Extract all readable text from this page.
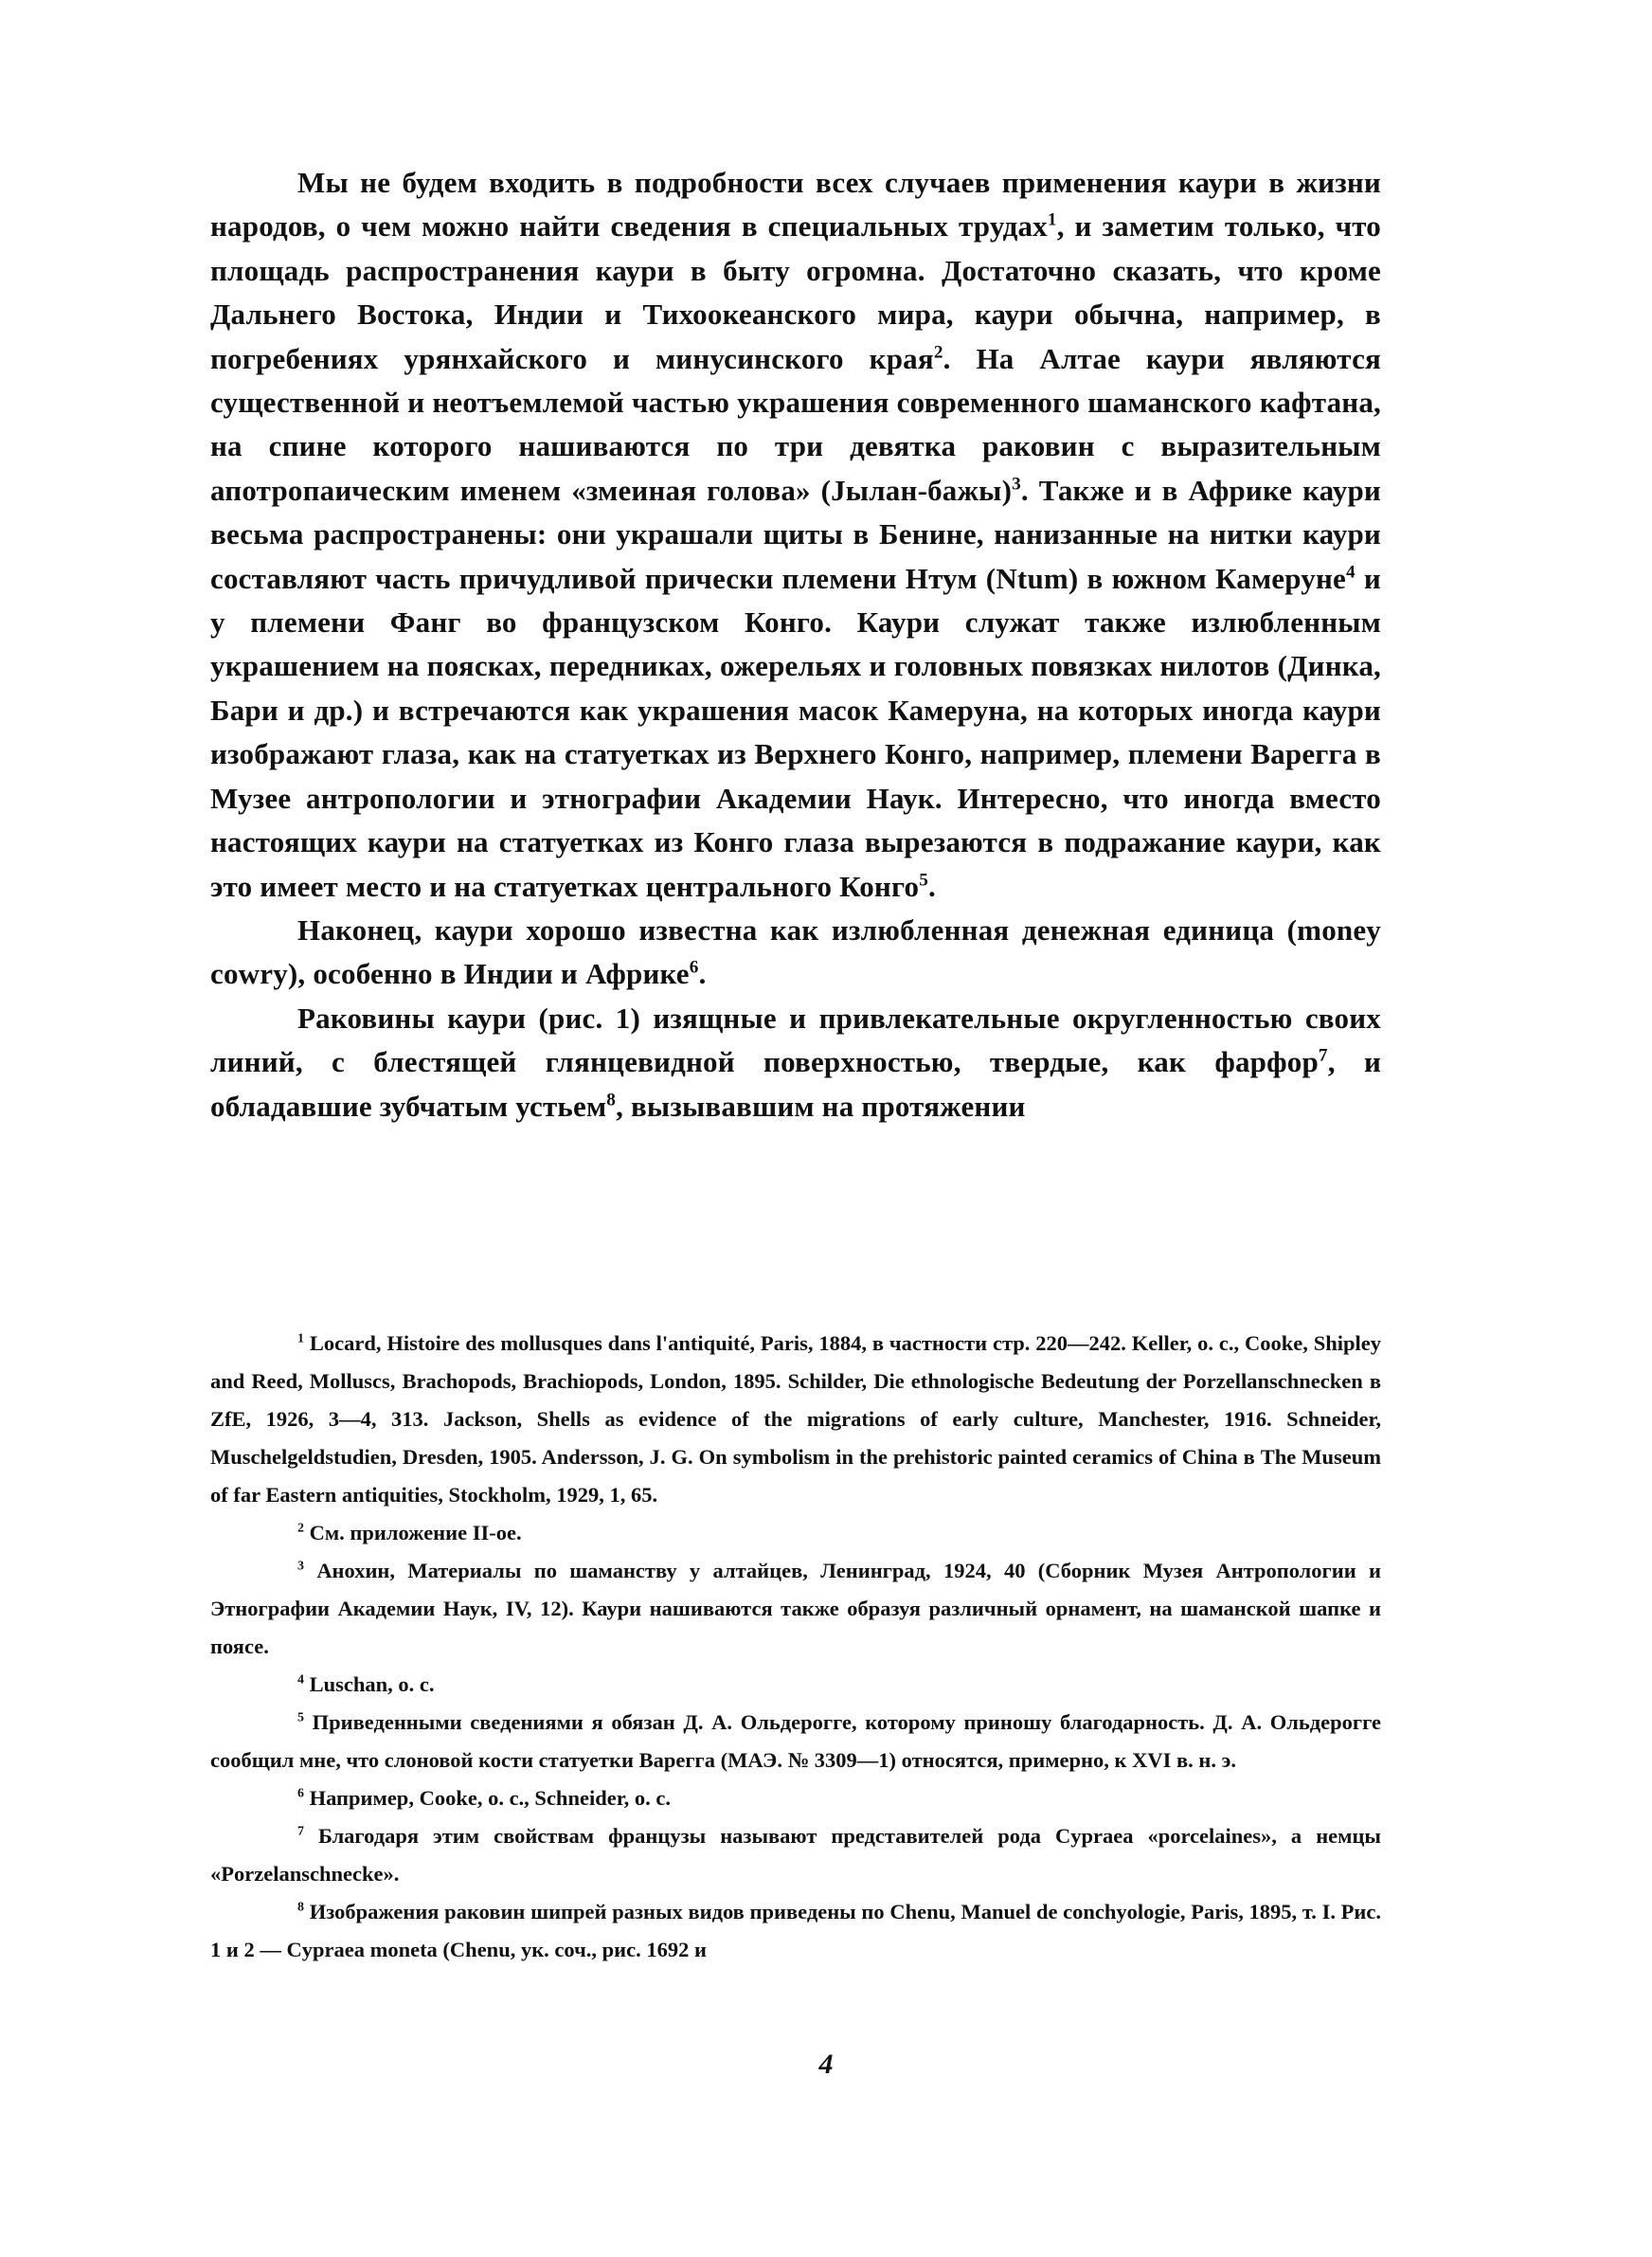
Мы не будем входить в подробности всех случаев применения каури в жизни народов, о чем можно найти сведения в специальных трудах$^1$, и заметим только, что площадь распространения каури в быту огромна. Достаточно сказать, что кроме Дальнего Востока, Индии и Тихоокеанского мира, каури обычна, например, в погребениях урянхайского и минусинского края$^2$. На Алтае каури являются существенной и неотъемлемой частью украшения современного шаманского кафтана, на спине которого нашиваются по три девятка раковин с выразительным апотропаическим именем «змеиная голова» (Jылан-бажы)$^3$. Также и в Африке каури весьма распространены: они украшали щиты в Бенине, нанизанные на нитки каури составляют часть причудливой прически племени Нтум (Ntum) в южном Камеруне$^4$ и у племени Фанг во французском Конго. Каури служат также излюбленным украшением на поясках, передниках, ожерельях и головных повязках нилотов (Динка, Бари и др.) и встречаются как украшения масок Камеруна, на которых иногда каури изображают глаза, как на статуетках из Верхнего Конго, например, племени Варегга в Музее антропологии и этнографии Академии Наук. Интересно, что иногда вместо настоящих каури на статуетках из Конго глаза вырезаются в подражание каури, как это имеет место и на статуетках центрального Конго$^5$.

Наконец, каури хорошо известна как излюбленная денежная единица (money cowry), особенно в Индии и Африке$^6$.

Раковины каури (рис. 1) изящные и привлекательные округленностью своих линий, с блестящей глянцевидной поверхностью, твердые, как фарфор$^7$, и обладавшие зубчатым устьем$^8$, вызывавшим на протяжении

$^1$ Locard, Histoire des mollusques dans l'antiquité, Paris, 1884, в частности стр. 220—242. Keller, o. c., Cooke, Shipley and Reed, Molluscs, Brachopods, Brachiopods, London, 1895. Schilder, Die ethnologische Bedeutung der Porzellanschnecken в ZfE, 1926, 3—4, 313. Jackson, Shells as evidence of the migrations of early culture, Manchester, 1916. Schneider, Muschelgeldstudien, Dresden, 1905. Andersson, J. G. On symbolism in the prehistoric painted ceramics of China в The Museum of far Eastern antiquities, Stockholm, 1929, 1, 65.

$^2$ См. приложение II-ое.

$^3$ Анохин, Материалы по шаманству у алтайцев, Ленинград, 1924, 40 (Сборник Музея Антропологии и Этнографии Академии Наук, IV, 12). Каури нашиваются также образуя различный орнамент, на шаманской шапке и поясе.

$^4$ Luschan, o. c.

$^5$ Приведенными сведениями я обязан Д. А. Ольдерогге, которому приношу благодарность. Д. А. Ольдерогге сообщил мне, что слоновой кости статуетки Варегга (МАЭ. № 3309—1) относятся, примерно, к XVI в. н. э.

$^6$ Например, Cooke, o. c., Schneider, o. c.

$^7$ Благодаря этим свойствам французы называют представителей рода Cypraea «porcelaines», а немцы «Porzelanschnecke».

$^8$ Изображения раковин шипрей разных видов приведены по Chenu, Manuel de conchyologie, Paris, 1895, т. I. Рис. 1 и 2 — Cypraea moneta (Chenu, ук. соч., рис. 1692 и

4
